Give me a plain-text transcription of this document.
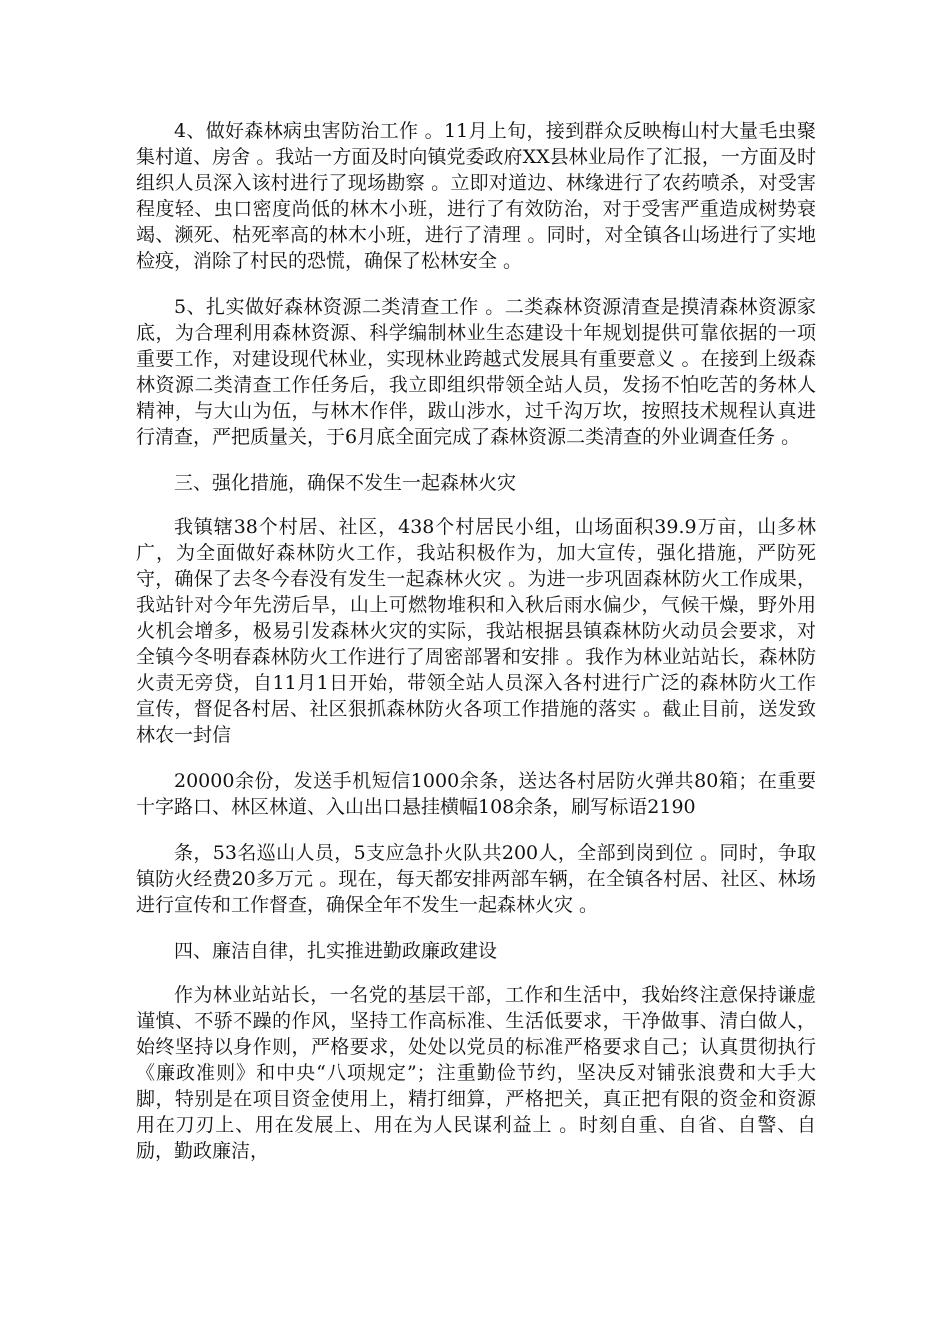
4、做好森林病虫害防治工作 。11月上旬，接到群众反映梅山村大量毛虫聚集村道、房舍 。我站一方面及时向镇党委政府XX县林业局作了汇报，一方面及时组织人员深入该村进行了现场勘察 。立即对道边、林缘进行了农药喷杀，对受害程度轻、虫口密度尚低的林木小班，进行了有效防治，对于受害严重造成树势衰竭、濒死、枯死率高的林木小班，进行了清理 。同时，对全镇各山场进行了实地检疫，消除了村民的恐慌，确保了松林安全 。

5、扎实做好森林资源二类清查工作 。二类森林资源清查是摸清森林资源家底，为合理利用森林资源、科学编制林业生态建设十年规划提供可靠依据的一项重要工作，对建设现代林业，实现林业跨越式发展具有重要意义 。在接到上级森林资源二类清查工作任务后，我立即组织带领全站人员，发扬不怕吃苦的务林人精神，与大山为伍，与林木作伴，跋山涉水，过千沟万坎，按照技术规程认真进行清查，严把质量关，于6月底全面完成了森林资源二类清查的外业调查任务 。

三、强化措施，确保不发生一起森林火灾

我镇辖38个村居、社区，438个村居民小组，山场面积39.9万亩，山多林广，为全面做好森林防火工作，我站积极作为，加大宣传，强化措施，严防死守，确保了去冬今春没有发生一起森林火灾 。为进一步巩固森林防火工作成果，我站针对今年先涝后旱，山上可燃物堆积和入秋后雨水偏少，气候干燥，野外用火机会增多，极易引发森林火灾的实际，我站根据县镇森林防火动员会要求，对全镇今冬明春森林防火工作进行了周密部署和安排 。我作为林业站站长，森林防火责无旁贷，自11月1日开始，带领全站人员深入各村进行广泛的森林防火工作宣传，督促各村居、社区狠抓森林防火各项工作措施的落实 。截止目前，送发致林农一封信

20000余份，发送手机短信1000余条，送达各村居防火弹共80箱；在重要十字路口、林区林道、入山出口悬挂横幅108余条，刷写标语2190

条，53名巡山人员，5支应急扑火队共200人，全部到岗到位 。同时，争取镇防火经费20多万元 。现在，每天都安排两部车辆，在全镇各村居、社区、林场进行宣传和工作督查，确保全年不发生一起森林火灾 。

四、廉洁自律，扎实推进勤政廉政建设

作为林业站站长，一名党的基层干部，工作和生活中，我始终注意保持谦虚谨慎、不骄不躁的作风，坚持工作高标准、生活低要求，干净做事、清白做人，始终坚持以身作则，严格要求，处处以党员的标准严格要求自己；认真贯彻执行《廉政准则》和中央“八项规定”；注重勤俭节约，坚决反对铺张浪费和大手大脚，特别是在项目资金使用上，精打细算，严格把关，真正把有限的资金和资源用在刀刃上、用在发展上、用在为人民谋利益上 。时刻自重、自省、自警、自励，勤政廉洁，
